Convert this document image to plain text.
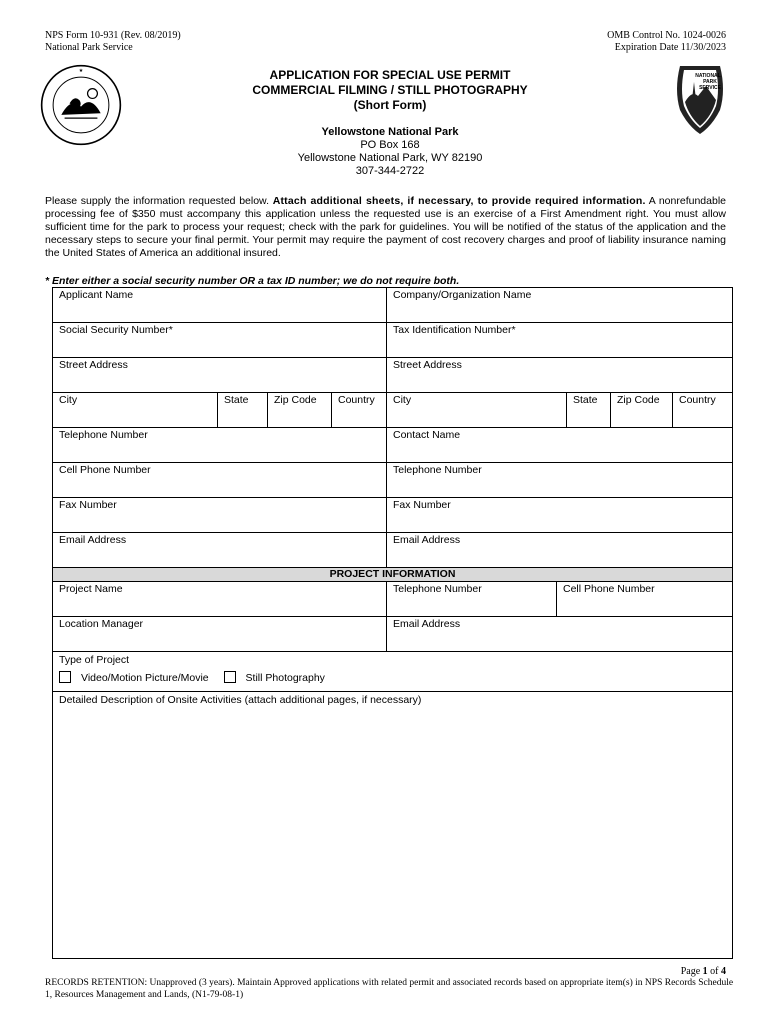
NPS Form 10-931 (Rev. 08/2019)
National Park Service
OMB Control No. 1024-0026
Expiration Date 11/30/2023
★
NATIONAL
PARK
SERVICE
APPLICATION FOR SPECIAL USE PERMIT
COMMERCIAL FILMING / STILL PHOTOGRAPHY
(Short Form)
Yellowstone National Park
PO Box 168
Yellowstone National Park, WY 82190
307-344-2722
Please supply the information requested below. Attach additional sheets, if necessary, to provide required information. A nonrefundable processing fee of $350 must accompany this application unless the requested use is an exercise of a First Amendment right. You must allow sufficient time for the park to process your request; check with the park for guidelines. You will be notified of the status of the application and the necessary steps to secure your final permit. Your permit may require the payment of cost recovery charges and proof of liability insurance naming the United States of America an additional insured.
* Enter either a social security number OR a tax ID number; we do not require both.
Applicant Name				Company/Organization Name				
Social Security Number*				Tax Identification Number*				
Street Address				Street Address				
City	State	Zip Code	Country	City		State	Zip Code	Country
Telephone Number				Contact Name				
Cell Phone Number				Telephone Number				
Fax Number				Fax Number				
Email Address				Email Address				
PROJECT INFORMATION								
Project Name				Telephone Number	Cell Phone Number			
Location Manager				Email Address				

Type of Project
Video/Motion Picture/Movie Still Photography								

Detailed Description of Onsite Activities (attach additional pages, if necessary)								
Page 1 of 4
RECORDS RETENTION: Unapproved (3 years). Maintain Approved applications with related permit and associated records based on appropriate item(s) in NPS Records Schedule 1, Resources Management and Lands, (N1-79-08-1)
